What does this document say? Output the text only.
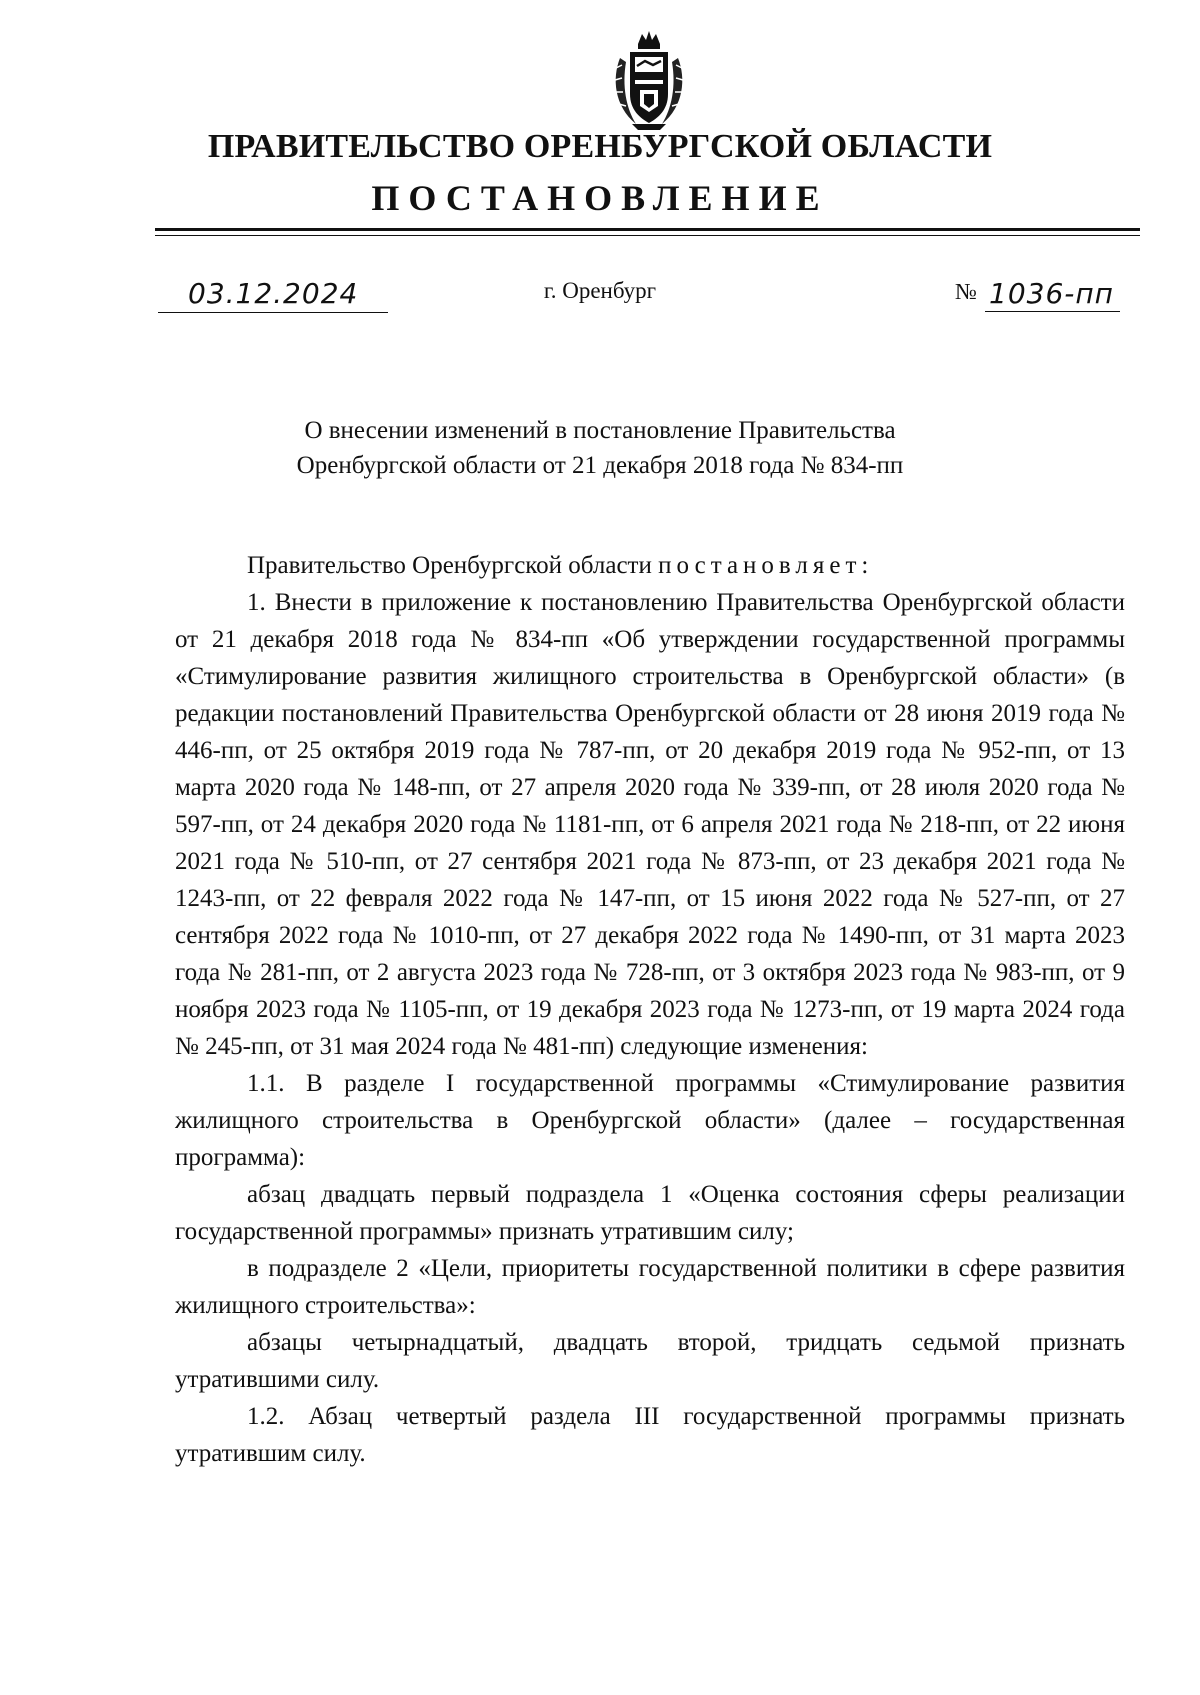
ПРАВИТЕЛЬСТВО ОРЕНБУРГСКОЙ ОБЛАСТИ
ПОСТАНОВЛЕНИЕ
03.12.2024	г. Оренбург	№ 1036-пп
О внесении изменений в постановление Правительства
Оренбургской области от 21 декабря 2018 года № 834-пп

Правительство Оренбургской области постановляет:

1. Внести в приложение к постановлению Правительства Оренбургской области от 21 декабря 2018 года № 834-пп «Об утверждении государственной программы «Стимулирование развития жилищного строительства в Оренбургской области» (в редакции постановлений Правительства Оренбургской области от 28 июня 2019 года № 446-пп, от 25 октября 2019 года № 787-пп, от 20 декабря 2019 года № 952-пп, от 13 марта 2020 года № 148-пп, от 27 апреля 2020 года № 339-пп, от 28 июля 2020 года № 597-пп, от 24 декабря 2020 года № 1181-пп, от 6 апреля 2021 года № 218-пп, от 22 июня 2021 года № 510-пп, от 27 сентября 2021 года № 873-пп, от 23 декабря 2021 года № 1243-пп, от 22 февраля 2022 года № 147-пп, от 15 июня 2022 года № 527-пп, от 27 сентября 2022 года № 1010-пп, от 27 декабря 2022 года № 1490-пп, от 31 марта 2023 года № 281-пп, от 2 августа 2023 года № 728-пп, от 3 октября 2023 года № 983-пп, от 9 ноября 2023 года № 1105-пп, от 19 декабря 2023 года № 1273-пп, от 19 марта 2024 года № 245-пп, от 31 мая 2024 года № 481-пп) следующие изменения:

1.1. В разделе I государственной программы «Стимулирование развития жилищного строительства в Оренбургской области» (далее – государственная программа):

абзац двадцать первый подраздела 1 «Оценка состояния сферы реализации государственной программы» признать утратившим силу;

в подразделе 2 «Цели, приоритеты государственной политики в сфере развития жилищного строительства»:

абзацы четырнадцатый, двадцать второй, тридцать седьмой признать утратившими силу.

1.2. Абзац четвертый раздела III государственной программы признать утратившим силу.
